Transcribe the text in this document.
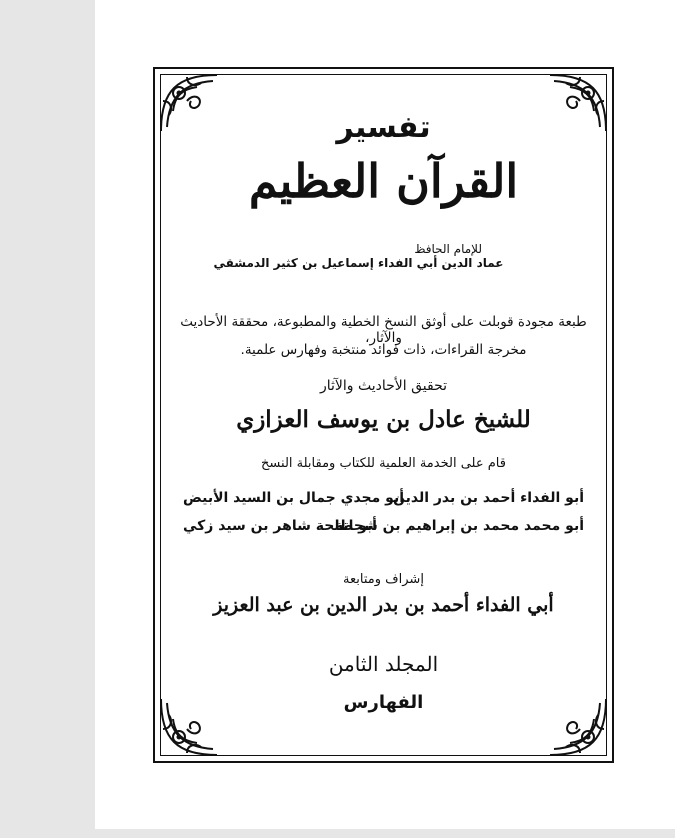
تفسير
القرآن العظيم
للإمام الحافظ
عماد الدين أبي الفداء إسماعيل بن كثير الدمشقي
طبعة مجودة قوبلت على أوثق النسخ الخطية والمطبوعة، محققة الأحاديث والآثار،
مخرجة القراءات، ذات فوائد منتخبة وفهارس علمية.
تحقيق الأحاديث والآثار
للشيخ عادل بن يوسف العزازي
قام على الخدمة العلمية للكتاب ومقابلة النسخ
أبو الفداء أحمد بن بدر الدين
أبو مجدي جمال بن السيد الأبيض
أبو محمد محمد بن إبراهيم بن شحاتة
أبو طلحة شاهر بن سيد زكي
إشراف ومتابعة
أبي الفداء أحمد بن بدر الدين بن عبد العزيز
المجلد الثامن
الفهارس
